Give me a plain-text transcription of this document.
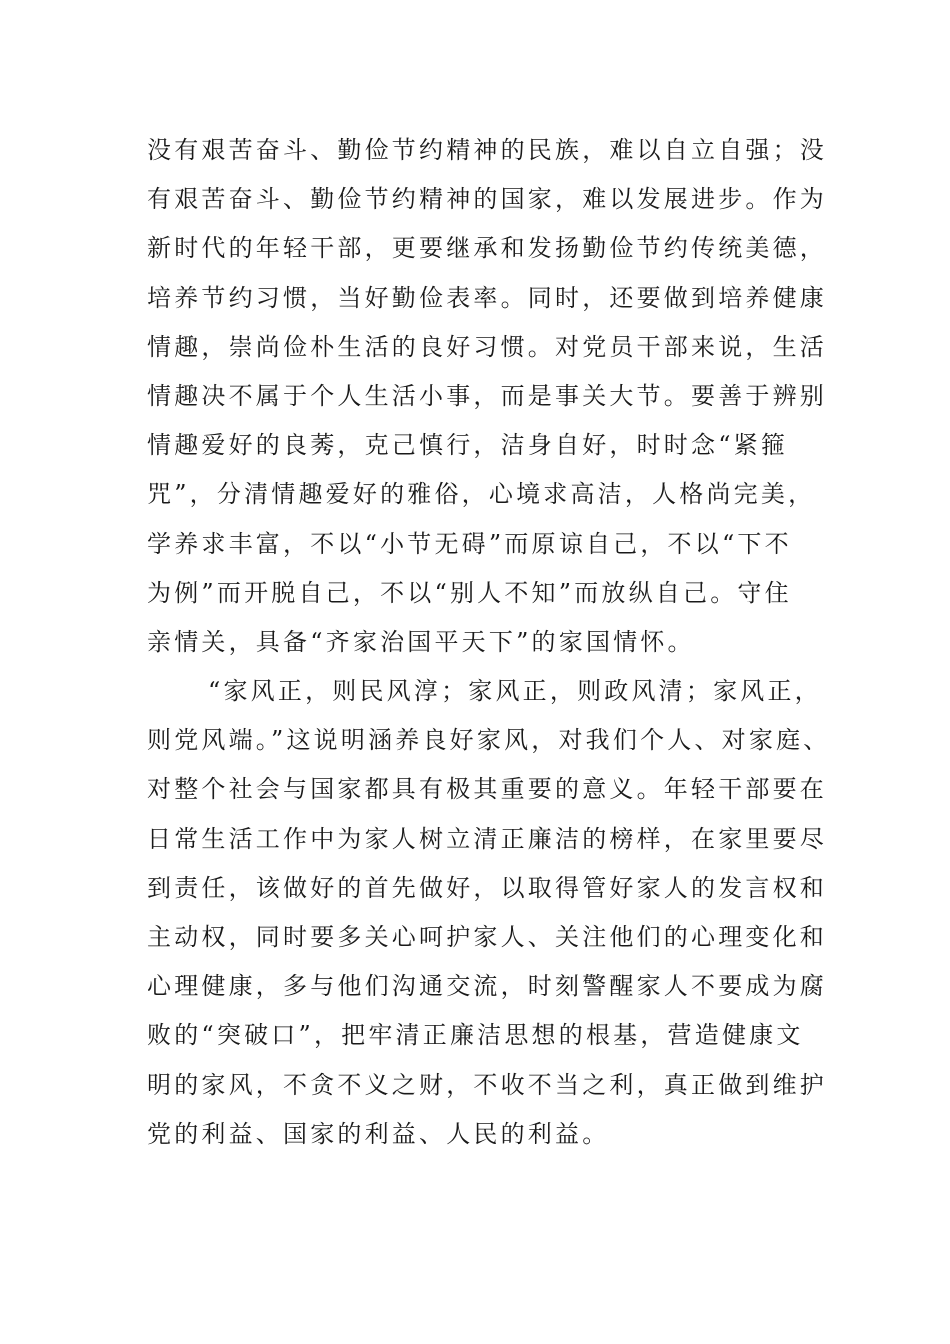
没有艰苦奋斗、勤俭节约精神的民族，难以自立自强；没
有艰苦奋斗、勤俭节约精神的国家，难以发展进步。作为
新时代的年轻干部，更要继承和发扬勤俭节约传统美德，
培养节约习惯，当好勤俭表率。同时，还要做到培养健康
情趣，崇尚俭朴生活的良好习惯。对党员干部来说，生活
情趣决不属于个人生活小事，而是事关大节。要善于辨别
情趣爱好的良莠，克己慎行，洁身自好，时时念“紧箍
咒”，分清情趣爱好的雅俗，心境求高洁，人格尚完美，
学养求丰富，不以“小节无碍”而原谅自己，不以“下不
为例”而开脱自己，不以“别人不知”而放纵自己。守住
亲情关，具备“齐家治国平天下”的家国情怀。
“家风正，则民风淳；家风正，则政风清；家风正，
则党风端。”这说明涵养良好家风，对我们个人、对家庭、
对整个社会与国家都具有极其重要的意义。年轻干部要在
日常生活工作中为家人树立清正廉洁的榜样，在家里要尽
到责任，该做好的首先做好，以取得管好家人的发言权和
主动权，同时要多关心呵护家人、关注他们的心理变化和
心理健康，多与他们沟通交流，时刻警醒家人不要成为腐
败的“突破口”，把牢清正廉洁思想的根基，营造健康文
明的家风，不贪不义之财，不收不当之利，真正做到维护
党的利益、国家的利益、人民的利益。
